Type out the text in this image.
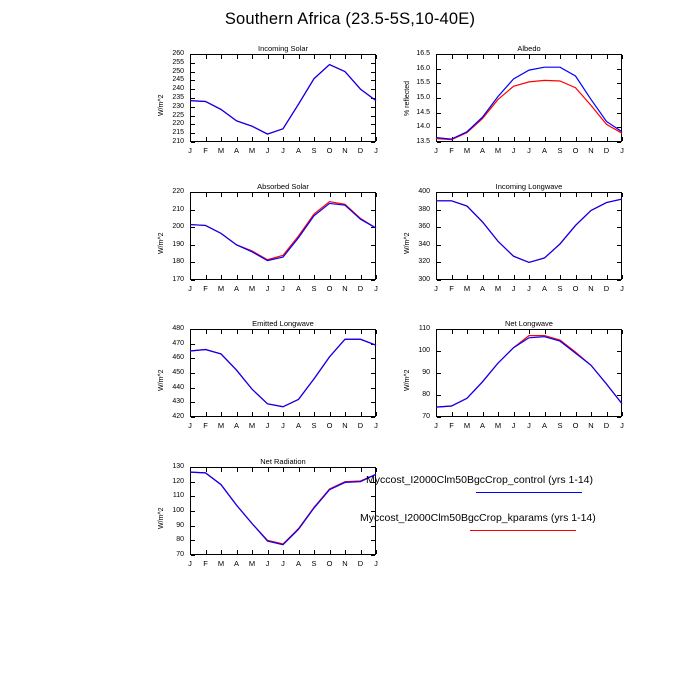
Southern Africa (23.5-5S,10-40E)
Incoming Solar
W/m^2
210
215
220
225
230
235
240
245
250
255
260
J	F	M	A	M	J	J	A	S	O	N	D	J
Albedo
% reflected
13.5
14.0
14.5
15.0
15.5
16.0
16.5
J	F	M	A	M	J	J	A	S	O	N	D	J
Absorbed Solar
W/m^2
170
180
190
200
210
220
J	F	M	A	M	J	J	A	S	O	N	D	J
Incoming Longwave
W/m^2
300
320
340
360
380
400
J	F	M	A	M	J	J	A	S	O	N	D	J
Emitted Longwave
W/m^2
420
430
440
450
460
470
480
J	F	M	A	M	J	J	A	S	O	N	D	J
Net Longwave
W/m^2
70
80
90
100
110
J	F	M	A	M	J	J	A	S	O	N	D	J
Net Radiation
W/m^2
70
80
90
100
110
120
130
J	F	M	A	M	J	J	A	S	O	N	D	J
Myccost_I2000Clm50BgcCrop_control (yrs 1-14)
Myccost_I2000Clm50BgcCrop_kparams (yrs 1-14)
